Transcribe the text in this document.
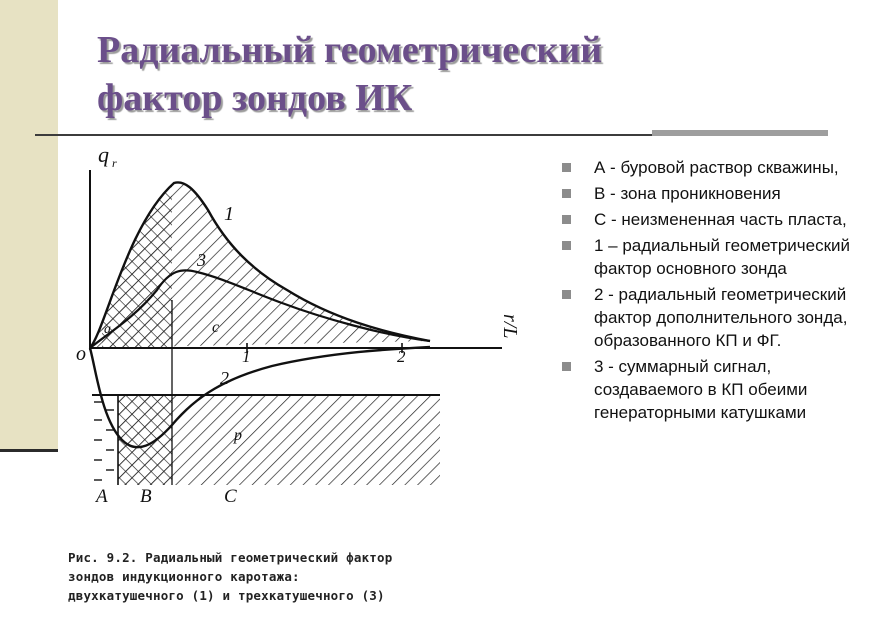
Радиальный геометрический
фактор зондов ИК
q r
r/L
o	1	2
1
3
2
a	c
p
A B	C
Рис. 9.2. Радиальный геометрический фактор
зондов индукционного каротажа:
двухкатушечного (1) и трехкатушечного (3)
А - буровой раствор скважины,
В - зона проникновения
С - неизмененная часть пласта,
1 – радиальный геометрический фактор основного зонда
2 - радиальный геометрический фактор дополнительного зонда, образованного КП и ФГ.
3 - суммарный сигнал, создаваемого в КП обеими генераторными катушками
